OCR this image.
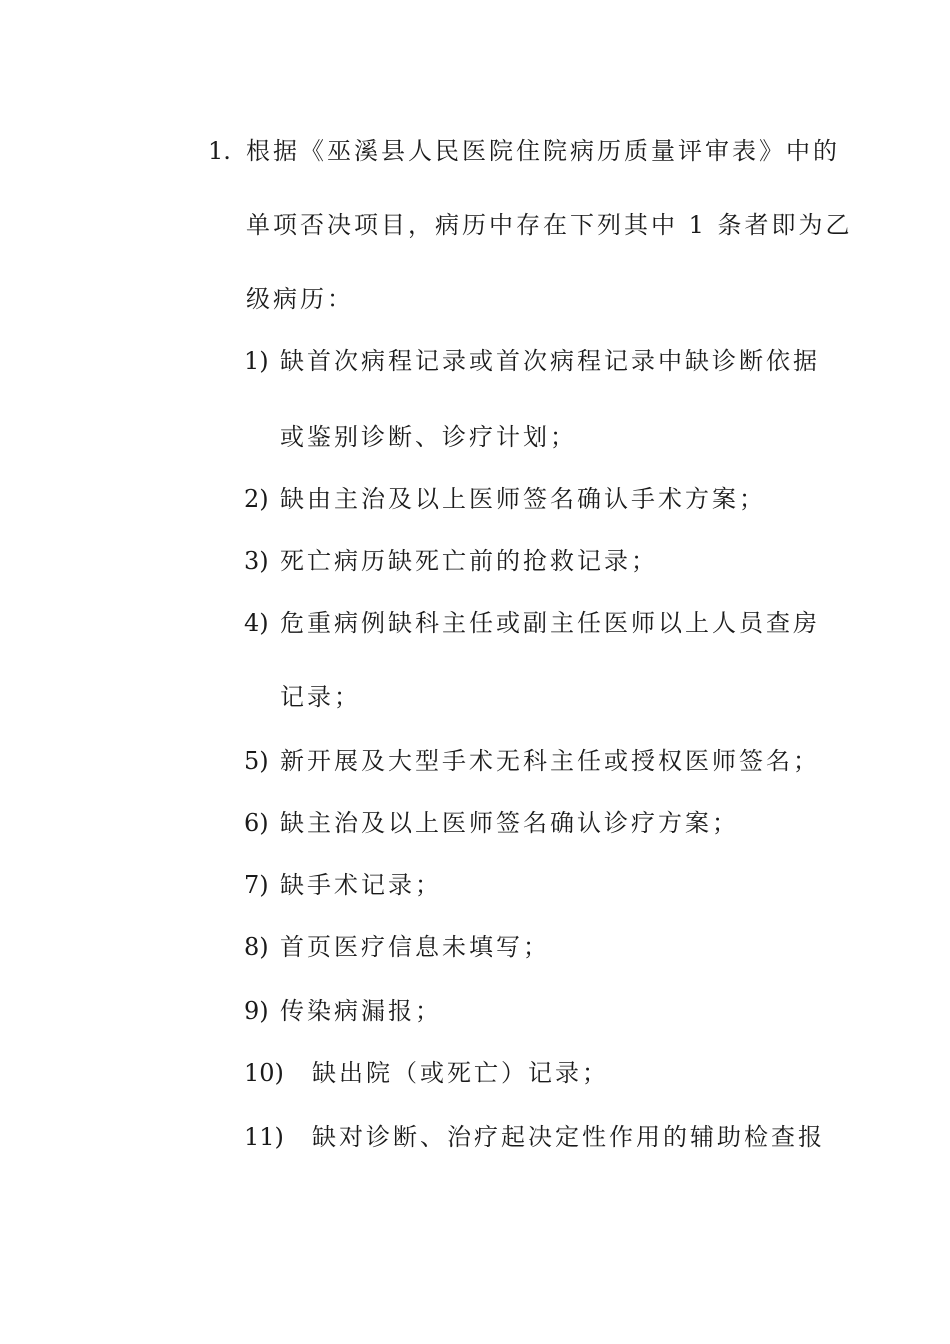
1. 根据《巫溪县人民医院住院病历质量评审表》中的
单项否决项目，病历中存在下列其中 1 条者即为乙
级病历：
1) 缺首次病程记录或首次病程记录中缺诊断依据
或鉴别诊断、诊疗计划；
2) 缺由主治及以上医师签名确认手术方案；
3) 死亡病历缺死亡前的抢救记录；
4) 危重病例缺科主任或副主任医师以上人员查房
记录；
5) 新开展及大型手术无科主任或授权医师签名；
6) 缺主治及以上医师签名确认诊疗方案；
7) 缺手术记录；
8) 首页医疗信息未填写；
9) 传染病漏报；
10) 缺出院（或死亡）记录；
11) 缺对诊断、治疗起决定性作用的辅助检查报
